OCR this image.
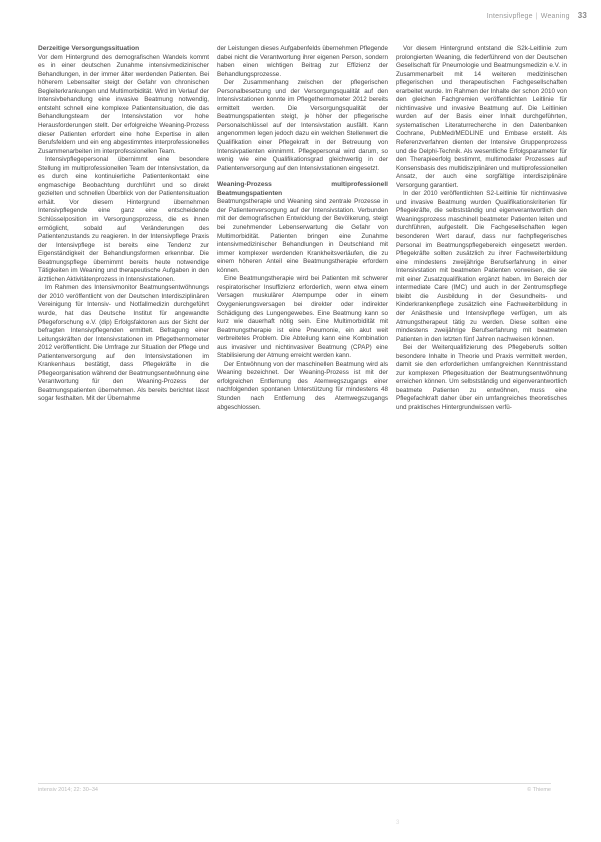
Intensivpflege | Weaning 33
Derzeitige Versorgungssituation

Vor dem Hintergrund des demografischen Wandels kommt es in einer deutschen Zunahme intensivmedizinischer Behandlungen, in der immer älter werdenden Patienten. Bei höherem Lebensalter steigt der Gefahr von chronischen Begleiterkrankungen und Multimorbidität. Wird im Verlauf der Intensivbehandlung eine invasive Beatmung notwendig, entsteht schnell eine komplexe Patientensituation, die das Behandlungsteam der Intensivstation vor hohe Herausforderungen stellt. Der erfolgreiche Weaning-Prozess dieser Patienten erfordert eine hohe Expertise in allen Berufsfeldern und ein eng abgestimmtes interprofessionelles Zusammenarbeiten im interprofessionellen Team.

Intensivpflegepersonal übernimmt eine besondere Stellung im multiprofessionellen Team der Intensivstation, da es durch eine kontinuierliche Patientenkontakt eine engmaschige Beobachtung durchführt und so direkt gezielten und schnellen Überblick von der Patientensituation erhält. Vor diesem Hintergrund übernehmen Intensivpflegende eine ganz eine entscheidende Schlüsselposition im Versorgungsprozess, die es ihnen ermöglicht, sobald auf Veränderungen des Patientenzustands zu reagieren. In der Intensivpflege Praxis der Intensivpflege ist bereits eine Tendenz zur Eigenständigkeit der Behandlungsformen erkennbar. Die Beatmungspflege übernimmt bereits heute notwendige Tätigkeiten im Weaning und therapeutische Aufgaben in den ärztlichen Aktivitätenprozess in Intensivstationen.

Im Rahmen des Intensivmonitor Beatmungsentwöhnungs der 2010 veröffentlicht von der Deutschen Interdisziplinären Vereinigung für Intensiv- und Notfallmedizin durchgeführt wurde, hat das Deutsche Institut für angewandte Pflegeforschung e.V. (dip) Erfolgsfaktoren aus der Sicht der befragten Intensivpflegenden ermittelt. Befragung einer Leitungskräften der Intensivstationen im Pflegethermometer 2012 veröffentlicht. Die Umfrage zur Situation der Pflege und Patientenversorgung auf den Intensivstationen im Krankenhaus bestätigt, dass Pflegekräfte in die Pflegeorganisation während der Beatmungsentwöhnung eine Verantwortung für den Weaning-Prozess der Beatmungspatienten übernehmen. Als bereits berichtet lässt sogar festhalten. Mit der Übernahme

der Leistungen dieses Aufgabenfelds übernehmen Pflegende dabei nicht die Verantwortung ihrer eigenen Person, sondern haben einen wichtigen Beitrag zur Effizienz der Behandlungsprozesse.

Der Zusammenhang zwischen der pflegerischen Personalbesetzung und der Versorgungsqualität auf den Intensivstationen konnte im Pflegethermometer 2012 bereits ermittelt werden. Die Versorgungsqualität der Beatmungspatienten steigt, je höher der pflegerische Personalschlüssel auf der Intensivstation ausfällt. Kann angenommen legen jedoch dazu ein welchen Stellenwert die Qualifikation einer Pflegekraft in der Betreuung von Intensivpatienten einnimmt. Pflegepersonal wird darum, so wenig wie eine Qualifikationsgrad gleichwertig in der Patientenversorgung auf den Intensivstationen eingesetzt.

Weaning-Prozess multiprofessionell Beatmungspatienten

Beatmungstherapie und Weaning sind zentrale Prozesse in der Patientenversorgung auf der Intensivstation. Verbunden mit der demografischen Entwicklung der Bevölkerung, steigt bei zunehmender Lebenserwartung die Gefahr von Multimorbidität. Patienten bringen eine Zunahme intensivmedizinischer Behandlungen in Deutschland mit immer komplexer werdenden Krankheitsverläufen, die zu einem höheren Anteil eine Beatmungstherapie erfordern können.

Eine Beatmungstherapie wird bei Patienten mit schwerer respiratorischer Insuffizienz erforderlich, wenn etwa einem Versagen muskulärer Atempumpe oder in einem Oxygenierungsversagen bei direkter oder indirekter Schädigung des Lungengewebes. Eine Beatmung kann so kurz wie dauerhaft nötig sein. Eine Multimorbidität mit Beatmungstherapie ist eine Pneumonie, ein akut weit verbreitetes Problem. Die Abteilung kann eine Kombination aus invasiver und nichtinvasiver Beatmung (CPAP) eine Stabilisierung der Atmung erreicht werden kann.

Der Entwöhnung von der maschinellen Beatmung wird als Weaning bezeichnet. Der Weaning-Prozess ist mit der erfolgreichen Entfernung des Atemwegszugangs einer nachfolgenden spontanen Unterstützung für mindestens 48 Stunden nach Entfernung des Atemwegszugangs abgeschlossen.

Vor diesem Hintergrund entstand die S2k-Leitlinie zum prolongierten Weaning, die federführend von der Deutschen Gesellschaft für Pneumologie und Beatmungsmedizin e.V. in Zusammenarbeit mit 14 weiteren medizinischen pflegerischen und therapeutischen Fachgesellschaften erarbeitet wurde. Im Rahmen der Inhalte der schon 2010 von den gleichen Fachgremien veröffentlichten Leitlinie für nichtinvasive und invasive Beatmung auf. Die Leitlinien wurden auf der Basis einer Inhalt durchgeführten, systematischen Literaturrecherche in den Datenbanken Cochrane, PubMed/MEDLINE und Embase erstellt. Als Referenzverfahren dienten der Intensive Gruppenprozess und die Delphi-Technik. Als wesentliche Erfolgsparameter für den Therapieerfolg bestimmt, multimodaler Prozesses auf Konsensbasis des multidisziplinären und multiprofessionellen Ansatz, der auch eine sorgfältige interdisziplinäre Versorgung garantiert.

In der 2010 veröffentlichten S2-Leitlinie für nichtinvasive und invasive Beatmung wurden Qualifikationskriterien für Pflegekräfte, die selbstständig und eigenverantwortlich den Weaningsprozess maschinell beatmeter Patienten leiten und durchführen, aufgestellt. Die Fachgesellschaften legen besonderen Wert darauf, dass nur fachpflegerisches Personal im Beatmungspflegebereich eingesetzt werden. Pflegekräfte sollten zusätzlich zu ihrer Fachweiterbildung eine mindestens zweijährige Berufserfahrung in einer Intensivstation mit beatmeten Patienten vorweisen, die sie mit einer Zusatzqualifikation ergänzt haben. Im Bereich der intermediate Care (IMC) und auch in der Zentrumspflege bleibt die Ausbildung in der Gesundheits- und Kinderkrankenpflege zusätzlich eine Fachweiterbildung in der Anästhesie und Intensivpflege verfügen, um als Atmungstherapeut tätig zu werden. Diese sollten eine mindestens zweijährige Berufserfahrung mit beatmeten Patienten in den letzten fünf Jahren nachweisen können.

Bei der Weiterqualifizierung des Pflegeberufs sollten besondere Inhalte in Theorie und Praxis vermittelt werden, damit sie den erforderlichen umfangreichen Kenntnisstand zur komplexen Pflegesituation der Beatmungsentwöhnung erreichen können. Um selbstständig und eigenverantwortlich beatmete Patienten zu entwöhnen, muss eine Pflegefachkraft daher über ein umfangreiches theoretisches und praktisches Hintergrundwissen verfü-

intensiv 2014; 22: 30–34	© Thieme
3
